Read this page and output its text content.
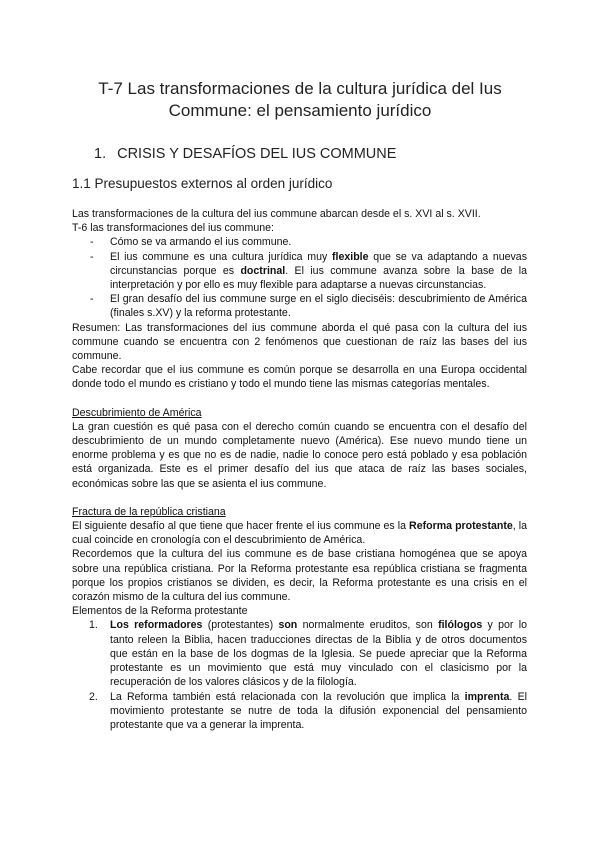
T-7 Las transformaciones de la cultura jurídica del Ius
Commune: el pensamiento jurídico
1. CRISIS Y DESAFÍOS DEL IUS COMMUNE
1.1 Presupuestos externos al orden jurídico

Las transformaciones de la cultura del ius commune abarcan desde el s. XVI al s. XVII.

T-6 las transformaciones del ius commune:

- Cómo se va armando el ius commune.

- El ius commune es una cultura jurídica muy flexible que se va adaptando a nuevas circunstancias porque es doctrinal. El ius commune avanza sobre la base de la interpretación y por ello es muy flexible para adaptarse a nuevas circunstancias.

- El gran desafío del ius commune surge en el siglo dieciséis: descubrimiento de América (finales s.XV) y la reforma protestante.

Resumen: Las transformaciones del ius commune aborda el qué pasa con la cultura del ius commune cuando se encuentra con 2 fenómenos que cuestionan de raíz las bases del ius commune.

Cabe recordar que el ius commune es común porque se desarrolla en una Europa occidental donde todo el mundo es cristiano y todo el mundo tiene las mismas categorías mentales.

Descubrimiento de América

La gran cuestión es qué pasa con el derecho común cuando se encuentra con el desafío del descubrimiento de un mundo completamente nuevo (América). Ese nuevo mundo tiene un enorme problema y es que no es de nadie, nadie lo conoce pero está poblado y esa población está organizada. Este es el primer desafío del ius que ataca de raíz las bases sociales, económicas sobre las que se asienta el ius commune.

Fractura de la república cristiana

El siguiente desafío al que tiene que hacer frente el ius commune es la Reforma protestante, la cual coincide en cronología con el descubrimiento de América.

Recordemos que la cultura del ius commune es de base cristiana homogénea que se apoya sobre una república cristiana. Por la Reforma protestante esa república cristiana se fragmenta porque los propios cristianos se dividen, es decir, la Reforma protestante es una crisis en el corazón mismo de la cultura del ius commune.

Elementos de la Reforma protestante

1. Los reformadores (protestantes) son normalmente eruditos, son filólogos y por lo tanto releen la Biblia, hacen traducciones directas de la Biblia y de otros documentos que están en la base de los dogmas de la Iglesia. Se puede apreciar que la Reforma protestante es un movimiento que está muy vinculado con el clasicismo por la recuperación de los valores clásicos y de la filología.

2. La Reforma también está relacionada con la revolución que implica la imprenta. El movimiento protestante se nutre de toda la difusión exponencial del pensamiento protestante que va a generar la imprenta.
